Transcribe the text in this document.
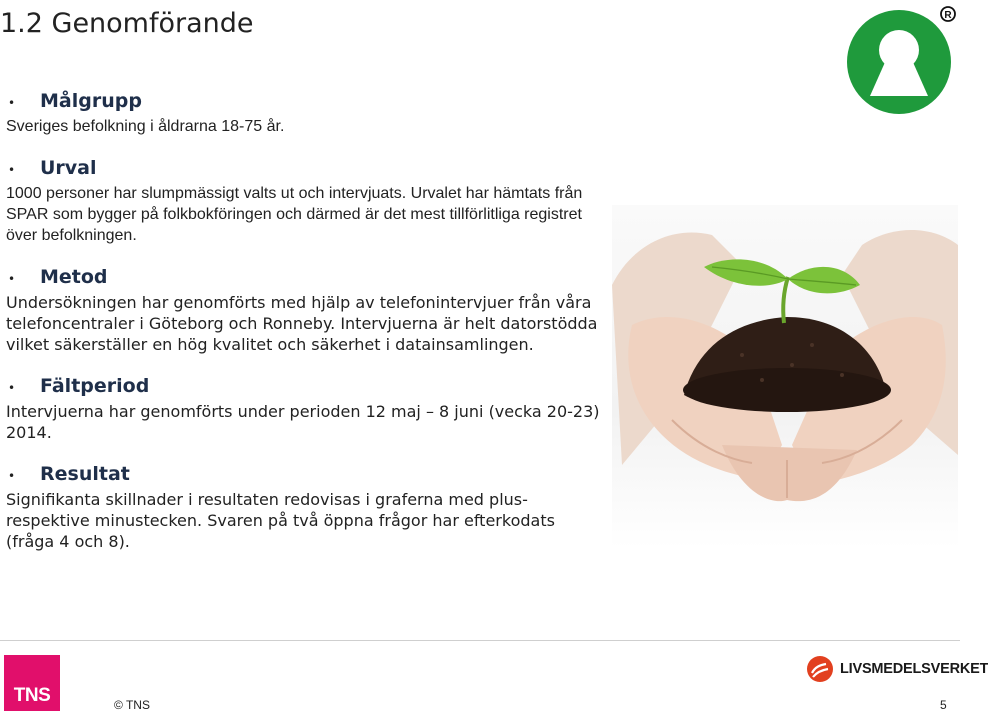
1.2 Genomförande	R
•	Målgrupp
Sveriges befolkning i åldrarna 18-75 år.
•	Urval
1000 personer har slumpmässigt valts ut och intervjuats. Urvalet har hämtats från SPAR som bygger på folkbokföringen och därmed är det mest tillförlitliga registret över befolkningen.
•	Metod
Undersökningen har genomförts med hjälp av telefonintervjuer från våra telefoncentraler i Göteborg och Ronneby. Intervjuerna är helt datorstödda vilket säkerställer en hög kvalitet och säkerhet i datainsamlingen.
•	Fältperiod
Intervjuerna har genomförts under perioden 12 maj – 8 juni (vecka 20-23) 2014.
•	Resultat
Signifikanta skillnader i resultaten redovisas i graferna med plus- respektive minustecken. Svaren på två öppna frågor har efterkodats (fråga 4 och 8).
TNS	© TNS
LIVSMEDELSVERKET
5
